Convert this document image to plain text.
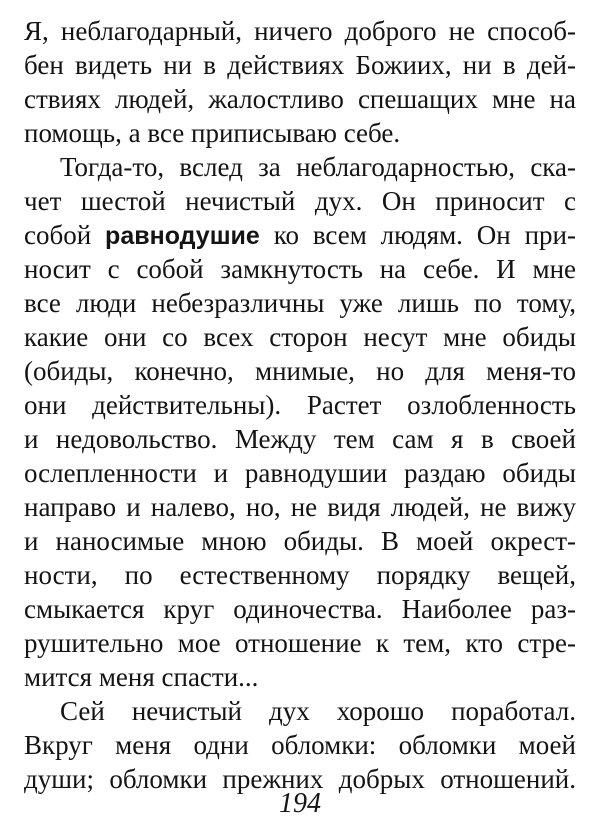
Я, неблагодарный, ничего доброго не способ-
бен видеть ни в действиях Божиих, ни в дей-
ствиях людей, жалостливо спешащих мне на
помощь, а все приписываю себе.
Тогда-то, вслед за неблагодарностью, ска-
чет шестой нечистый дух. Он приносит с
собой равнодушие ко всем людям. Он при-
носит с собой замкнутость на себе. И мне
все люди небезразличны уже лишь по тому,
какие они со всех сторон несут мне обиды
(обиды, конечно, мнимые, но для меня-то
они действительны). Растет озлобленность
и недовольство. Между тем сам я в своей
ослепленности и равнодушии раздаю обиды
направо и налево, но, не видя людей, не вижу
и наносимые мною обиды. В моей окрест-
ности, по естественному порядку вещей,
смыкается круг одиночества. Наиболее раз-
рушительно мое отношение к тем, кто стре-
мится меня спасти...
Сей нечистый дух хорошо поработал.
Вкруг меня одни обломки: обломки моей
души; обломки прежних добрых отношений.
194
